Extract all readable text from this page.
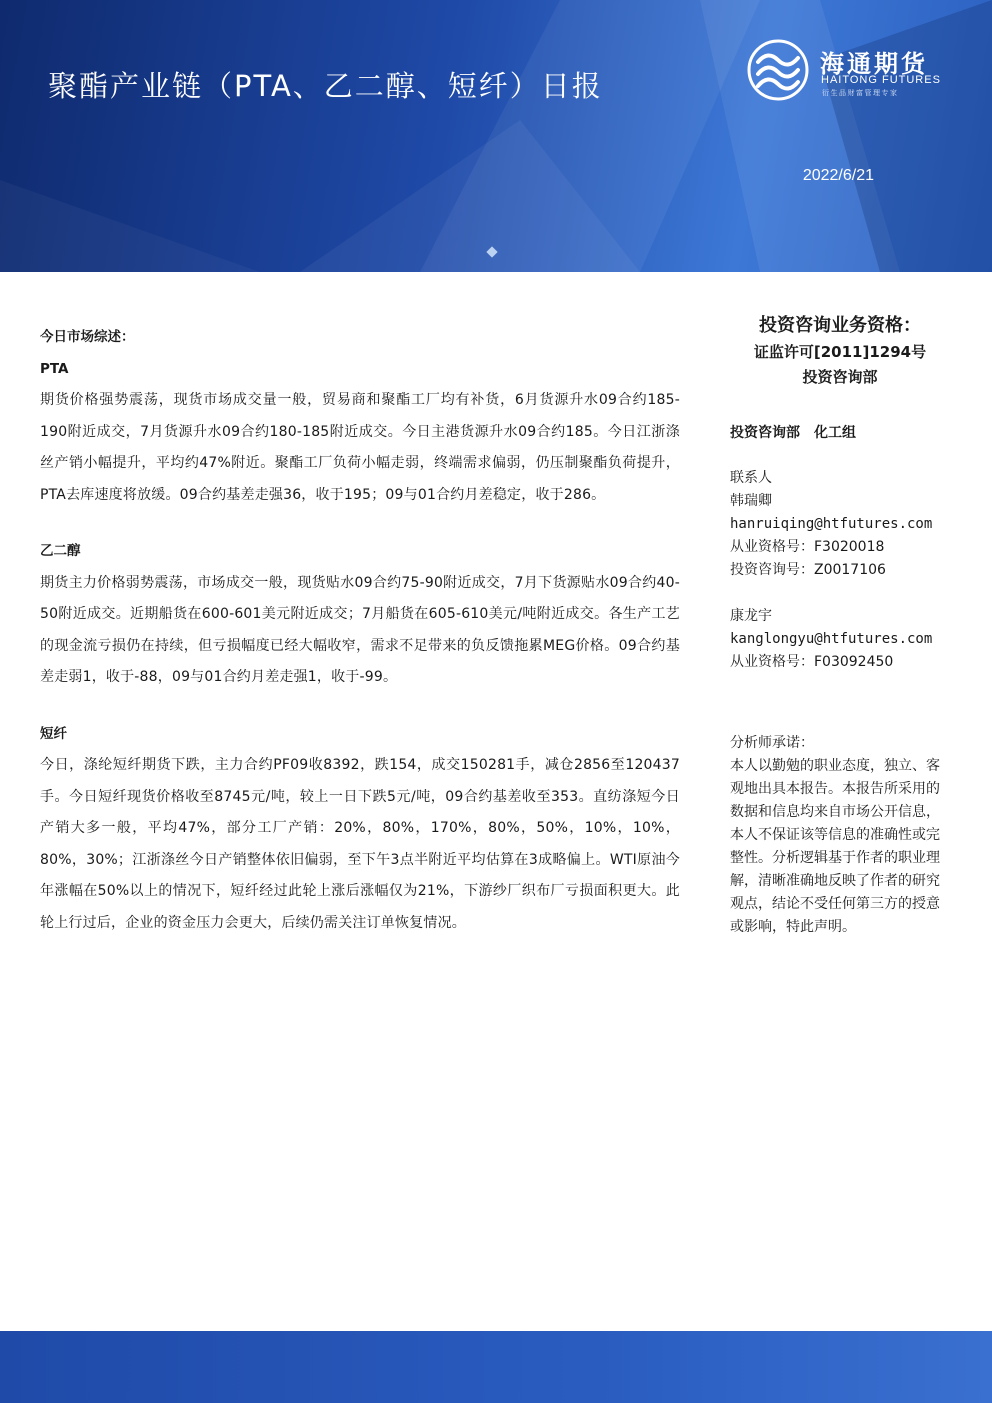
聚酯产业链（PTA、乙二醇、短纤）日报
2022/6/21
海通期货
HAITONG FUTURES
衍生品财富管理专家

今日市场综述：

PTA

期货价格强势震荡，现货市场成交量一般，贸易商和聚酯工厂均有补货，6月货源升水09合约185-190附近成交，7月货源升水09合约180-185附近成交。今日主港货源升水09合约185。今日江浙涤丝产销小幅提升，平均约47%附近。聚酯工厂负荷小幅走弱，终端需求偏弱，仍压制聚酯负荷提升，PTA去库速度将放缓。09合约基差走强36，收于195；09与01合约月差稳定，收于286。

乙二醇

期货主力价格弱势震荡，市场成交一般，现货贴水09合约75-90附近成交，7月下货源贴水09合约40-50附近成交。近期船货在600-601美元附近成交；7月船货在605-610美元/吨附近成交。各生产工艺的现金流亏损仍在持续，但亏损幅度已经大幅收窄，需求不足带来的负反馈拖累MEG价格。09合约基差走弱1，收于-88，09与01合约月差走强1，收于-99。

短纤

今日，涤纶短纤期货下跌，主力合约PF09收8392，跌154，成交150281手，减仓2856至120437手。今日短纤现货价格收至8745元/吨，较上一日下跌5元/吨，09合约基差收至353。直纺涤短今日产销大多一般，平均47%，部分工厂产销：20%，80%，170%，80%，50%，10%，10%，80%，30%；江浙涤丝今日产销整体依旧偏弱，至下午3点半附近平均估算在3成略偏上。WTI原油今年涨幅在50%以上的情况下，短纤经过此轮上涨后涨幅仅为21%，下游纱厂织布厂亏损面积更大。此轮上行过后，企业的资金压力会更大，后续仍需关注订单恢复情况。

投资咨询业务资格：

证监许可[2011]1294号

投资咨询部

投资咨询部　化工组
联系人
韩瑞卿
hanruiqing@htfutures.com
从业资格号：F3020018
投资咨询号：Z0017106
康龙宇
kanglongyu@htfutures.com
从业资格号：F03092450

分析师承诺：

本人以勤勉的职业态度，独立、客观地出具本报告。本报告所采用的数据和信息均来自市场公开信息，本人不保证该等信息的准确性或完整性。分析逻辑基于作者的职业理解，清晰准确地反映了作者的研究观点，结论不受任何第三方的授意或影响，特此声明。
